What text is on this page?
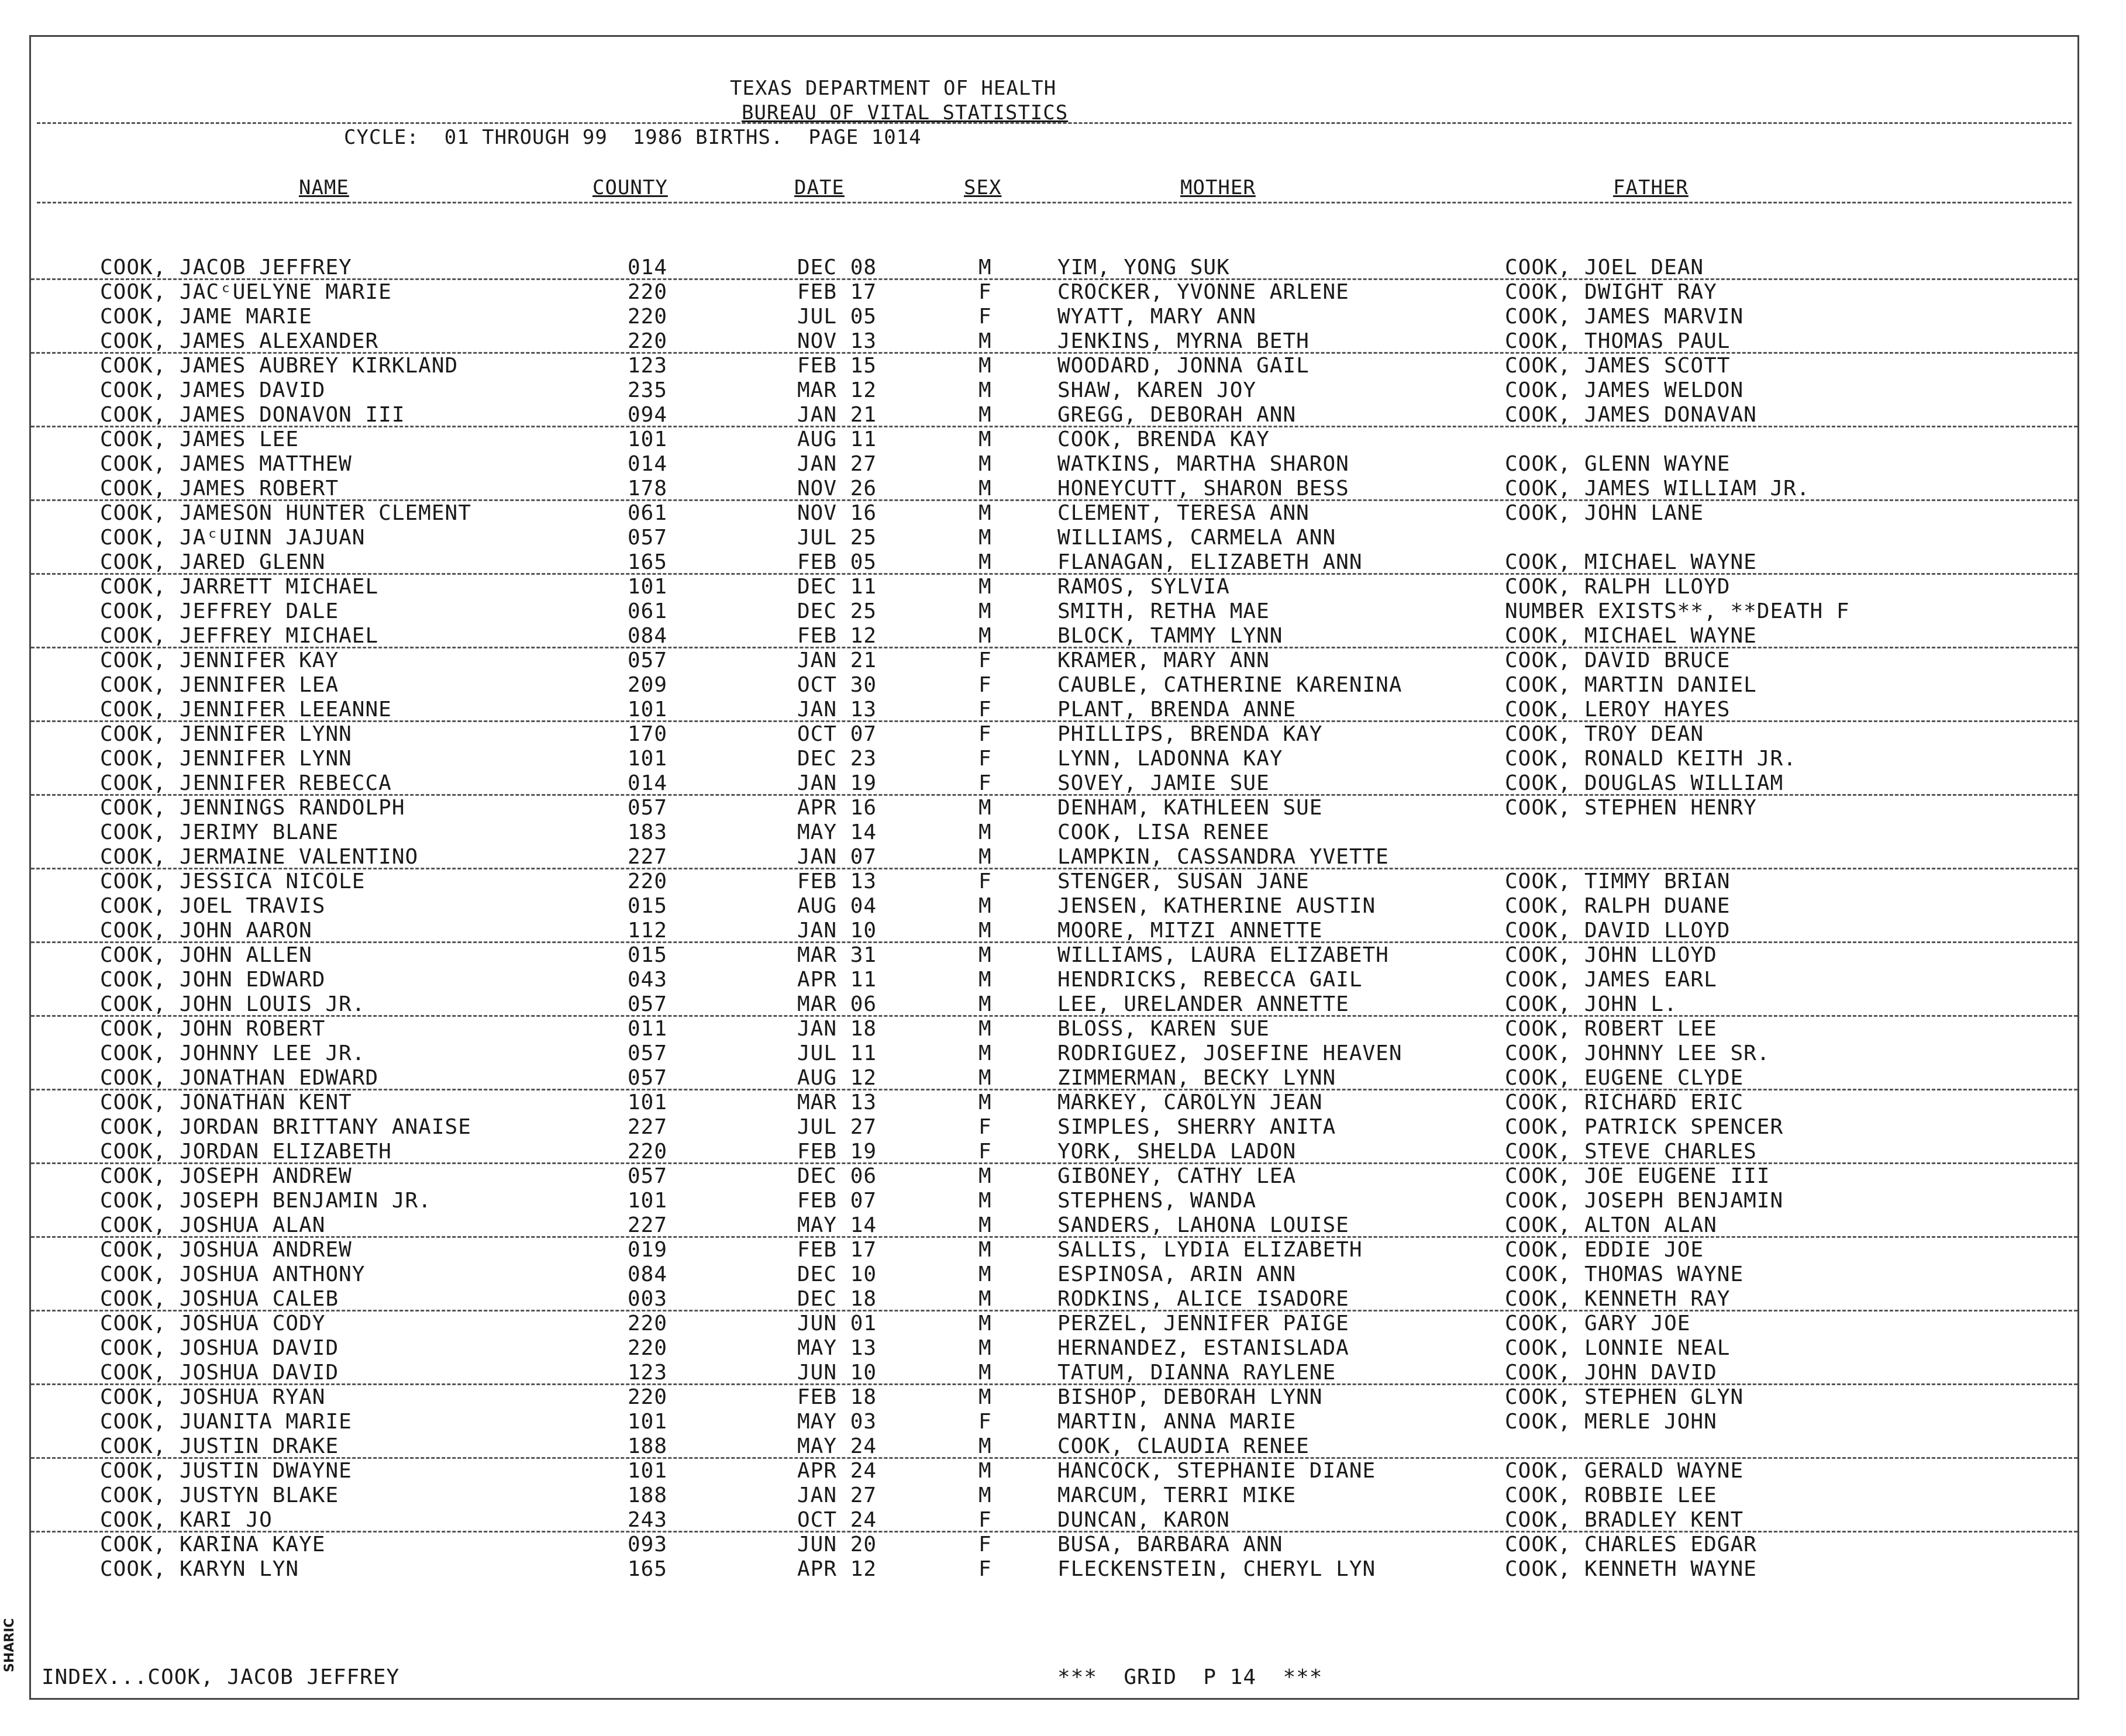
TEXAS DEPARTMENT OF HEALTH
BUREAU OF VITAL STATISTICS
CYCLE:  01 THROUGH 99  1986 BIRTHS.  PAGE 1014
NAME	COUNTY	DATE	SEX	MOTHER	FATHER
COOK, JACOB JEFFREY	014	DEC 08	M	YIM, YONG SUK	COOK, JOEL DEAN
COOK, JACᶜUELYNE MARIE	220	FEB 17	F	CROCKER, YVONNE ARLENE	COOK, DWIGHT RAY
COOK, JAME MARIE	220	JUL 05	F	WYATT, MARY ANN	COOK, JAMES MARVIN
COOK, JAMES ALEXANDER	220	NOV 13	M	JENKINS, MYRNA BETH	COOK, THOMAS PAUL
COOK, JAMES AUBREY KIRKLAND	123	FEB 15	M	WOODARD, JONNA GAIL	COOK, JAMES SCOTT
COOK, JAMES DAVID	235	MAR 12	M	SHAW, KAREN JOY	COOK, JAMES WELDON
COOK, JAMES DONAVON III	094	JAN 21	M	GREGG, DEBORAH ANN	COOK, JAMES DONAVAN
COOK, JAMES LEE	101	AUG 11	M	COOK, BRENDA KAY
COOK, JAMES MATTHEW	014	JAN 27	M	WATKINS, MARTHA SHARON	COOK, GLENN WAYNE
COOK, JAMES ROBERT	178	NOV 26	M	HONEYCUTT, SHARON BESS	COOK, JAMES WILLIAM JR.
COOK, JAMESON HUNTER CLEMENT	061	NOV 16	M	CLEMENT, TERESA ANN	COOK, JOHN LANE
COOK, JAᶜUINN JAJUAN	057	JUL 25	M	WILLIAMS, CARMELA ANN
COOK, JARED GLENN	165	FEB 05	M	FLANAGAN, ELIZABETH ANN	COOK, MICHAEL WAYNE
COOK, JARRETT MICHAEL	101	DEC 11	M	RAMOS, SYLVIA	COOK, RALPH LLOYD
COOK, JEFFREY DALE	061	DEC 25	M	SMITH, RETHA MAE	NUMBER EXISTS**, **DEATH F
COOK, JEFFREY MICHAEL	084	FEB 12	M	BLOCK, TAMMY LYNN	COOK, MICHAEL WAYNE
COOK, JENNIFER KAY	057	JAN 21	F	KRAMER, MARY ANN	COOK, DAVID BRUCE
COOK, JENNIFER LEA	209	OCT 30	F	CAUBLE, CATHERINE KARENINA	COOK, MARTIN DANIEL
COOK, JENNIFER LEEANNE	101	JAN 13	F	PLANT, BRENDA ANNE	COOK, LEROY HAYES
COOK, JENNIFER LYNN	170	OCT 07	F	PHILLIPS, BRENDA KAY	COOK, TROY DEAN
COOK, JENNIFER LYNN	101	DEC 23	F	LYNN, LADONNA KAY	COOK, RONALD KEITH JR.
COOK, JENNIFER REBECCA	014	JAN 19	F	SOVEY, JAMIE SUE	COOK, DOUGLAS WILLIAM
COOK, JENNINGS RANDOLPH	057	APR 16	M	DENHAM, KATHLEEN SUE	COOK, STEPHEN HENRY
COOK, JERIMY BLANE	183	MAY 14	M	COOK, LISA RENEE
COOK, JERMAINE VALENTINO	227	JAN 07	M	LAMPKIN, CASSANDRA YVETTE
COOK, JESSICA NICOLE	220	FEB 13	F	STENGER, SUSAN JANE	COOK, TIMMY BRIAN
COOK, JOEL TRAVIS	015	AUG 04	M	JENSEN, KATHERINE AUSTIN	COOK, RALPH DUANE
COOK, JOHN AARON	112	JAN 10	M	MOORE, MITZI ANNETTE	COOK, DAVID LLOYD
COOK, JOHN ALLEN	015	MAR 31	M	WILLIAMS, LAURA ELIZABETH	COOK, JOHN LLOYD
COOK, JOHN EDWARD	043	APR 11	M	HENDRICKS, REBECCA GAIL	COOK, JAMES EARL
COOK, JOHN LOUIS JR.	057	MAR 06	M	LEE, URELANDER ANNETTE	COOK, JOHN L.
COOK, JOHN ROBERT	011	JAN 18	M	BLOSS, KAREN SUE	COOK, ROBERT LEE
COOK, JOHNNY LEE JR.	057	JUL 11	M	RODRIGUEZ, JOSEFINE HEAVEN	COOK, JOHNNY LEE SR.
COOK, JONATHAN EDWARD	057	AUG 12	M	ZIMMERMAN, BECKY LYNN	COOK, EUGENE CLYDE
COOK, JONATHAN KENT	101	MAR 13	M	MARKEY, CAROLYN JEAN	COOK, RICHARD ERIC
COOK, JORDAN BRITTANY ANAISE	227	JUL 27	F	SIMPLES, SHERRY ANITA	COOK, PATRICK SPENCER
COOK, JORDAN ELIZABETH	220	FEB 19	F	YORK, SHELDA LADON	COOK, STEVE CHARLES
COOK, JOSEPH ANDREW	057	DEC 06	M	GIBONEY, CATHY LEA	COOK, JOE EUGENE III
COOK, JOSEPH BENJAMIN JR.	101	FEB 07	M	STEPHENS, WANDA	COOK, JOSEPH BENJAMIN
COOK, JOSHUA ALAN	227	MAY 14	M	SANDERS, LAHONA LOUISE	COOK, ALTON ALAN
COOK, JOSHUA ANDREW	019	FEB 17	M	SALLIS, LYDIA ELIZABETH	COOK, EDDIE JOE
COOK, JOSHUA ANTHONY	084	DEC 10	M	ESPINOSA, ARIN ANN	COOK, THOMAS WAYNE
COOK, JOSHUA CALEB	003	DEC 18	M	RODKINS, ALICE ISADORE	COOK, KENNETH RAY
COOK, JOSHUA CODY	220	JUN 01	M	PERZEL, JENNIFER PAIGE	COOK, GARY JOE
COOK, JOSHUA DAVID	220	MAY 13	M	HERNANDEZ, ESTANISLADA	COOK, LONNIE NEAL
COOK, JOSHUA DAVID	123	JUN 10	M	TATUM, DIANNA RAYLENE	COOK, JOHN DAVID
COOK, JOSHUA RYAN	220	FEB 18	M	BISHOP, DEBORAH LYNN	COOK, STEPHEN GLYN
COOK, JUANITA MARIE	101	MAY 03	F	MARTIN, ANNA MARIE	COOK, MERLE JOHN
COOK, JUSTIN DRAKE	188	MAY 24	M	COOK, CLAUDIA RENEE
COOK, JUSTIN DWAYNE	101	APR 24	M	HANCOCK, STEPHANIE DIANE	COOK, GERALD WAYNE
COOK, JUSTYN BLAKE	188	JAN 27	M	MARCUM, TERRI MIKE	COOK, ROBBIE LEE
COOK, KARI JO	243	OCT 24	F	DUNCAN, KARON	COOK, BRADLEY KENT
COOK, KARINA KAYE	093	JUN 20	F	BUSA, BARBARA ANN	COOK, CHARLES EDGAR
COOK, KARYN LYN	165	APR 12	F	FLECKENSTEIN, CHERYL LYN	COOK, KENNETH WAYNE
INDEX...COOK, JACOB JEFFREY	***  GRID  P 14  ***
SHARIC
